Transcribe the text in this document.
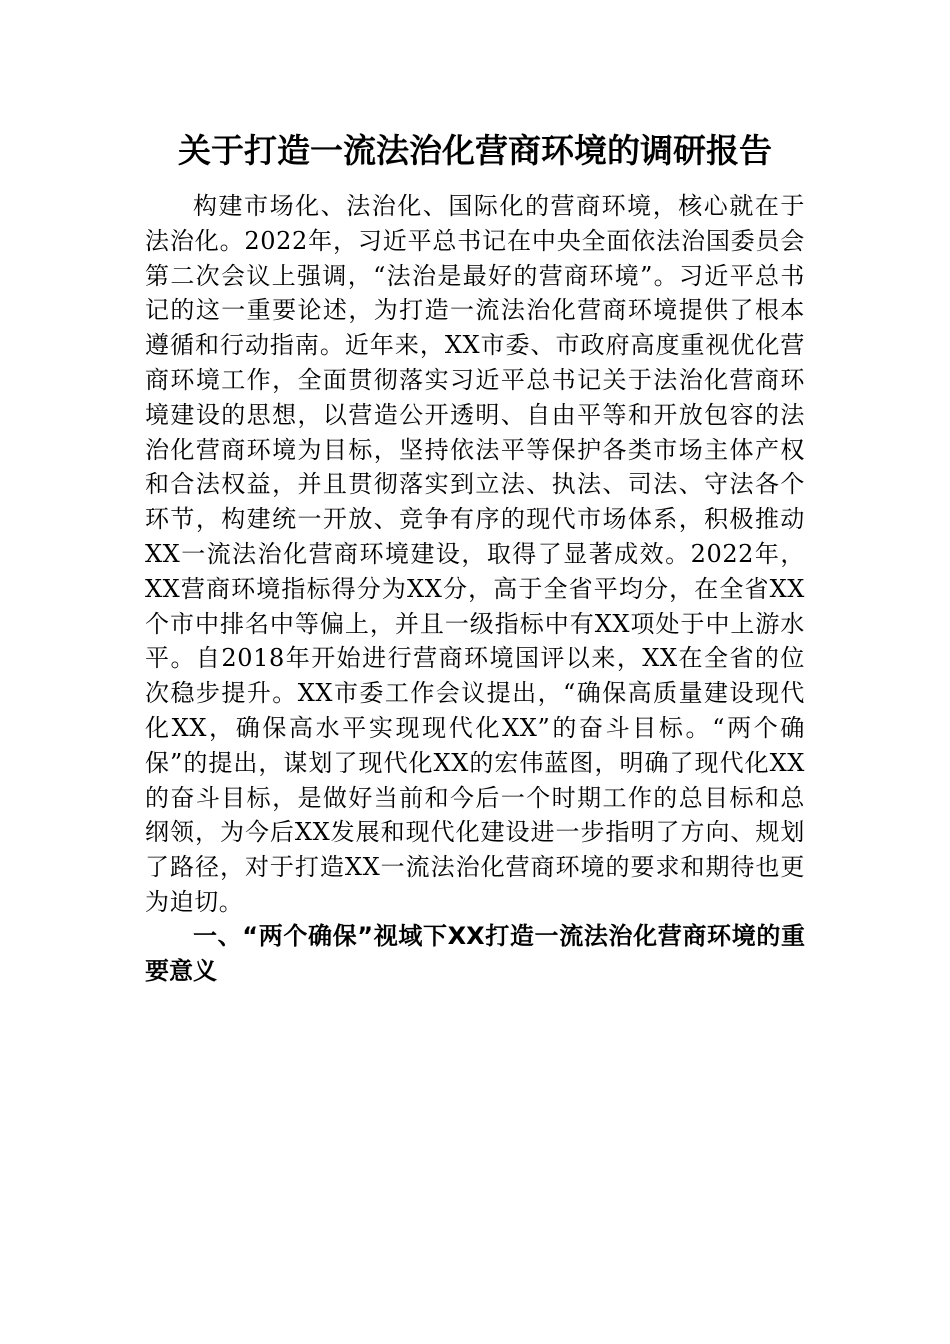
关于打造一流法治化营商环境的调研报告

构建市场化、法治化、国际化的营商环境，核心就在于法治化。2022年，习近平总书记在中央全面依法治国委员会第二次会议上强调，“法治是最好的营商环境”。习近平总书记的这一重要论述，为打造一流法治化营商环境提供了根本遵循和行动指南。近年来，XX市委、市政府高度重视优化营商环境工作，全面贯彻落实习近平总书记关于法治化营商环境建设的思想，以营造公开透明、自由平等和开放包容的法治化营商环境为目标，坚持依法平等保护各类市场主体产权和合法权益，并且贯彻落实到立法、执法、司法、守法各个环节，构建统一开放、竞争有序的现代市场体系，积极推动XX一流法治化营商环境建设，取得了显著成效。2022年，XX营商环境指标得分为XX分，高于全省平均分，在全省XX个市中排名中等偏上，并且一级指标中有XX项处于中上游水平。自2018年开始进行营商环境国评以来，XX在全省的位次稳步提升。XX市委工作会议提出，“确保高质量建设现代化XX，确保高水平实现现代化XX”的奋斗目标。“两个确保”的提出，谋划了现代化XX的宏伟蓝图，明确了现代化XX的奋斗目标，是做好当前和今后一个时期工作的总目标和总纲领，为今后XX发展和现代化建设进一步指明了方向、规划了路径，对于打造XX一流法治化营商环境的要求和期待也更为迫切。

一、“两个确保”视域下XX打造一流法治化营商环境的重要意义
